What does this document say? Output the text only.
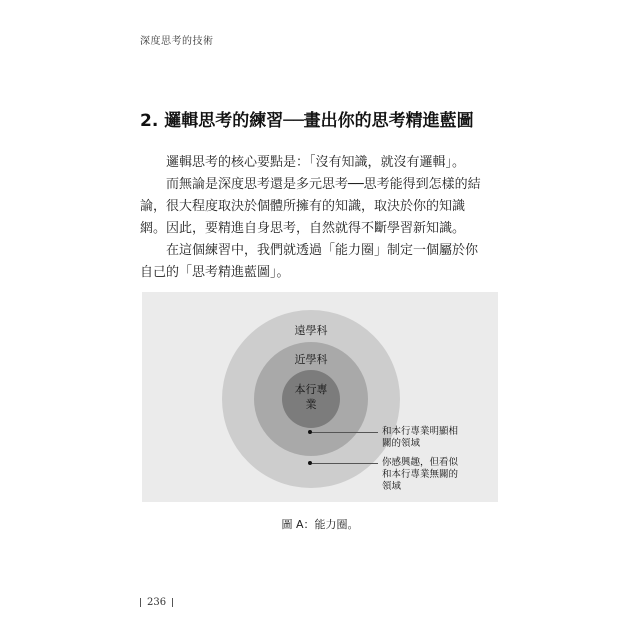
深度思考的技術
2. 邏輯思考的練習──畫出你的思考精進藍圖

邏輯思考的核心要點是：「沒有知識，就沒有邏輯」。

而無論是深度思考還是多元思考──思考能得到怎樣的結論，很大程度取決於個體所擁有的知識，取決於你的知識網。因此，要精進自身思考，自然就得不斷學習新知識。

在這個練習中，我們就透過「能力圈」制定一個屬於你自己的「思考精進藍圖」。

遠學科
近學科
本行專業
和本行專業明顯相關的領域
你感興趣，但看似和本行專業無關的領域
圖 A：能力圈。
236
